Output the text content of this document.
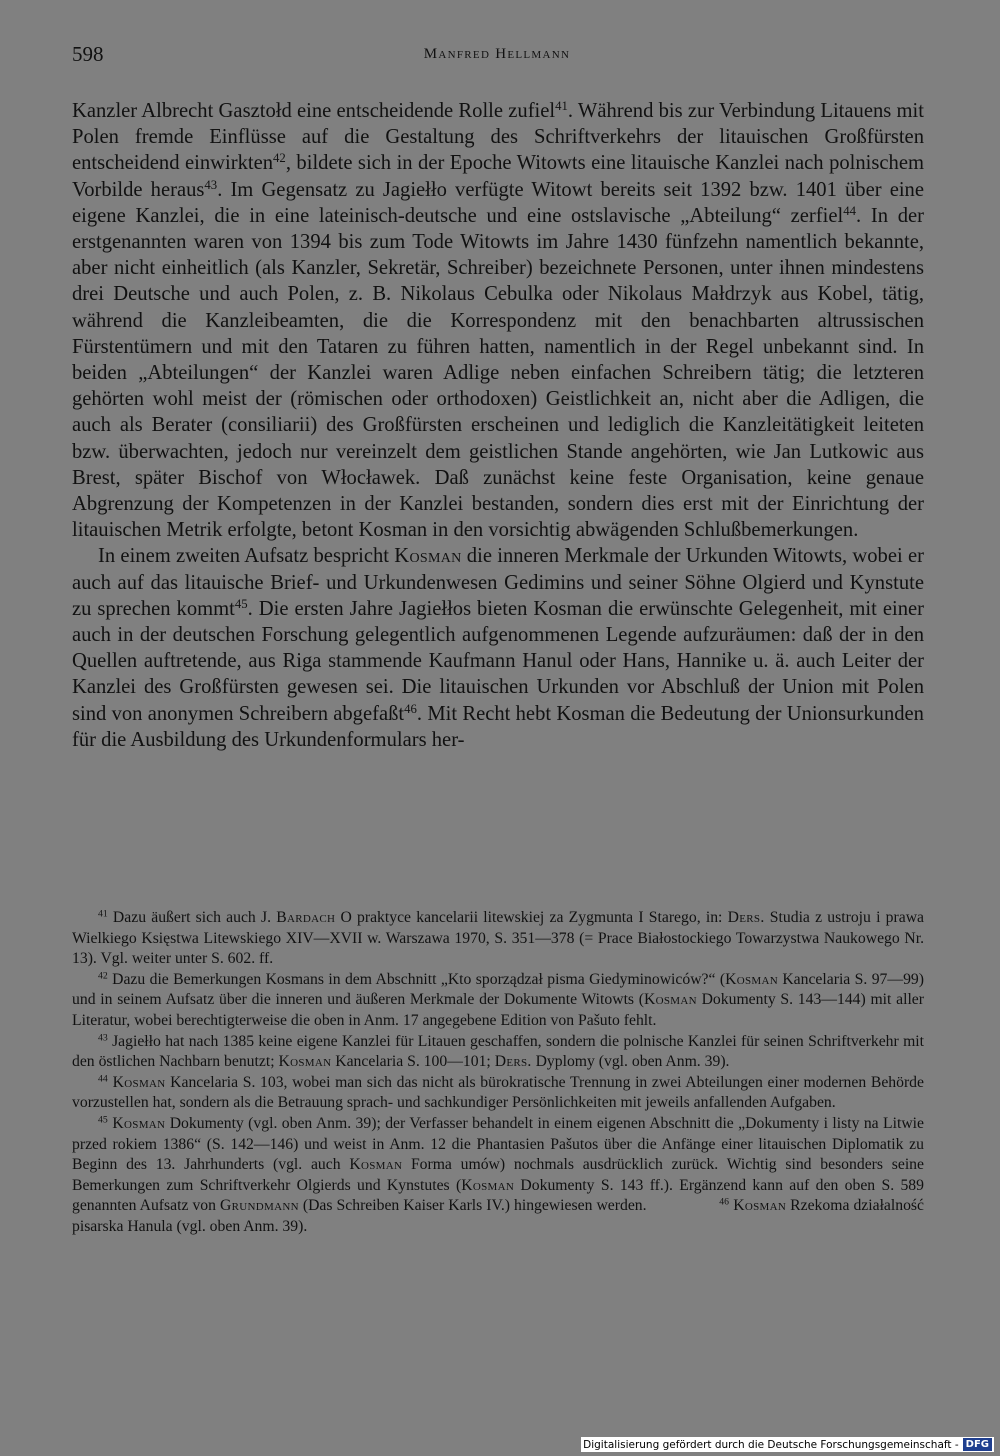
598	Manfred Hellmann

Kanzler Albrecht Gasztołd eine entscheidende Rolle zufiel$^{41}$. Während bis zur Verbindung Litauens mit Polen fremde Einflüsse auf die Gestaltung des Schriftverkehrs der litauischen Großfürsten entscheidend einwirkten$^{42}$, bildete sich in der Epoche Witowts eine litauische Kanzlei nach polnischem Vorbilde heraus$^{43}$. Im Gegensatz zu Jagiełło verfügte Witowt bereits seit 1392 bzw. 1401 über eine eigene Kanzlei, die in eine lateinisch-deutsche und eine ostslavische „Abteilung“ zerfiel$^{44}$. In der erstgenannten waren von 1394 bis zum Tode Witowts im Jahre 1430 fünfzehn namentlich bekannte, aber nicht einheitlich (als Kanzler, Sekretär, Schreiber) bezeichnete Personen, unter ihnen mindestens drei Deutsche und auch Polen, z. B. Nikolaus Cebulka oder Nikolaus Małdrzyk aus Kobel, tätig, während die Kanzleibeamten, die die Korrespondenz mit den benachbarten altrussischen Fürstentümern und mit den Tataren zu führen hatten, namentlich in der Regel unbekannt sind. In beiden „Abteilungen“ der Kanzlei waren Adlige neben einfachen Schreibern tätig; die letzteren gehörten wohl meist der (römischen oder orthodoxen) Geistlichkeit an, nicht aber die Adligen, die auch als Berater (consiliarii) des Großfürsten erscheinen und lediglich die Kanzleitätigkeit leiteten bzw. überwachten, jedoch nur vereinzelt dem geistlichen Stande angehörten, wie Jan Lutkowic aus Brest, später Bischof von Włocławek. Daß zunächst keine feste Organisation, keine genaue Abgrenzung der Kompetenzen in der Kanzlei bestanden, sondern dies erst mit der Einrichtung der litauischen Metrik erfolgte, betont Kosman in den vorsichtig abwägenden Schlußbemerkungen.

In einem zweiten Aufsatz bespricht Kosman die inneren Merkmale der Urkunden Witowts, wobei er auch auf das litauische Brief- und Urkundenwesen Gedimins und seiner Söhne Olgierd und Kynstute zu sprechen kommt$^{45}$. Die ersten Jahre Jagiełłos bieten Kosman die erwünschte Gelegenheit, mit einer auch in der deutschen Forschung gelegentlich aufgenommenen Legende aufzuräumen: daß der in den Quellen auftretende, aus Riga stammende Kaufmann Hanul oder Hans, Hannike u. ä. auch Leiter der Kanzlei des Großfürsten gewesen sei. Die litauischen Urkunden vor Abschluß der Union mit Polen sind von anonymen Schreibern abgefaßt$^{46}$. Mit Recht hebt Kosman die Bedeutung der Unionsurkunden für die Ausbildung des Urkundenformulars her-

$^{41}$ Dazu äußert sich auch J. Bardach O praktyce kancelarii litewskiej za Zygmunta I Starego, in: Ders. Studia z ustroju i prawa Wielkiego Księstwa Litewskiego XIV—XVII w. Warszawa 1970, S. 351—378 (= Prace Białostockiego Towarzystwa Naukowego Nr. 13). Vgl. weiter unter S. 602. ff.

$^{42}$ Dazu die Bemerkungen Kosmans in dem Abschnitt „Kto sporządzał pisma Giedyminowiców?“ (Kosman Kancelaria S. 97—99) und in seinem Aufsatz über die inneren und äußeren Merkmale der Dokumente Witowts (Kosman Dokumenty S. 143—144) mit aller Literatur, wobei berechtigterweise die oben in Anm. 17 angegebene Edition von Pašuto fehlt.

$^{43}$ Jagiełło hat nach 1385 keine eigene Kanzlei für Litauen geschaffen, sondern die polnische Kanzlei für seinen Schriftverkehr mit den östlichen Nachbarn benutzt; Kosman Kancelaria S. 100—101; Ders. Dyplomy (vgl. oben Anm. 39).

$^{44}$ Kosman Kancelaria S. 103, wobei man sich das nicht als bürokratische Trennung in zwei Abteilungen einer modernen Behörde vorzustellen hat, sondern als die Betrauung sprach- und sachkundiger Persönlichkeiten mit jeweils anfallenden Aufgaben.

$^{45}$ Kosman Dokumenty (vgl. oben Anm. 39); der Verfasser behandelt in einem eigenen Abschnitt die „Dokumenty i listy na Litwie przed rokiem 1386“ (S. 142—146) und weist in Anm. 12 die Phantasien Pašutos über die Anfänge einer litauischen Diplomatik zu Beginn des 13. Jahrhunderts (vgl. auch Kosman Forma umów) nochmals ausdrücklich zurück. Wichtig sind besonders seine Bemerkungen zum Schriftverkehr Olgierds und Kynstutes (Kosman Dokumenty S. 143 ff.). Ergänzend kann auf den oben S. 589 genannten Aufsatz von Grundmann (Das Schreiben Kaiser Karls IV.) hingewiesen werden.	$^{46}$ Kosman Rzekoma działalność pisarska Hanula (vgl. oben Anm. 39).

Digitalisierung gefördert durch die Deutsche Forschungsgemeinschaft - DFG
